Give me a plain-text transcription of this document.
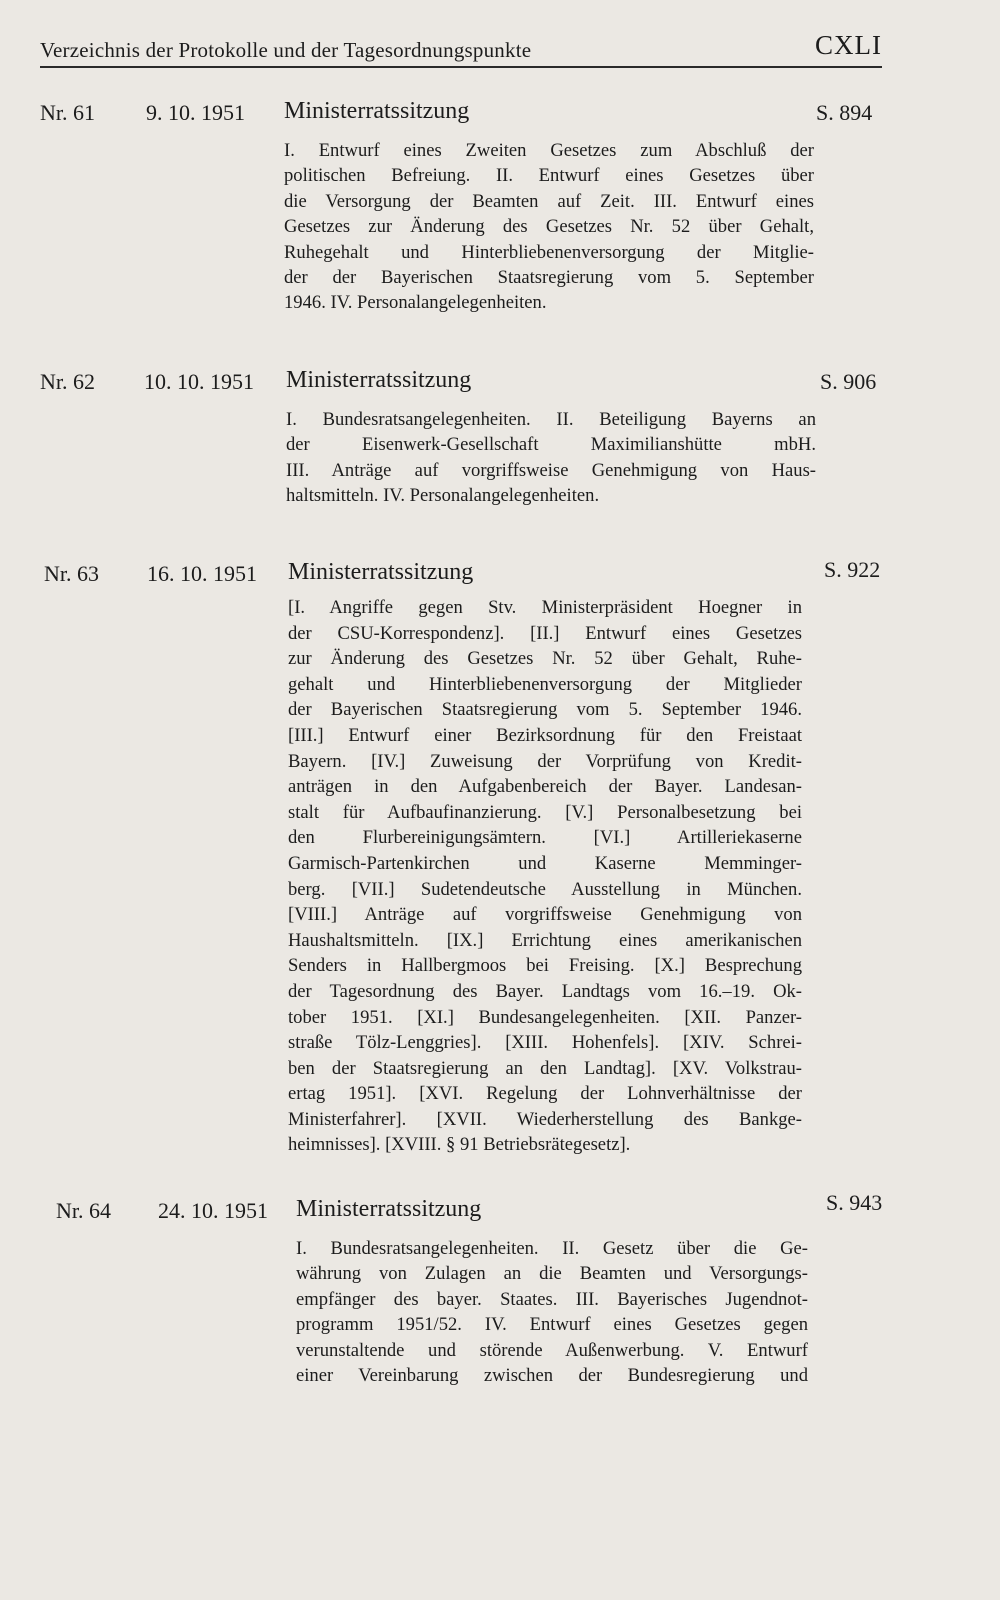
Verzeichnis der Protokolle und der Tagesordnungspunkte	CXLI
Nr. 61 9. 10. 1951 Ministerratssitzung	S. 894
I. Entwurf eines Zweiten Gesetzes zum Abschluß der
politischen Befreiung. II. Entwurf eines Gesetzes über
die Versorgung der Beamten auf Zeit. III. Entwurf eines
Gesetzes zur Änderung des Gesetzes Nr. 52 über Gehalt,
Ruhegehalt und Hinterbliebenenversorgung der Mitglie-
der der Bayerischen Staatsregierung vom 5. September
1946. IV. Personalangelegenheiten.
Nr. 62 10. 10. 1951 Ministerratssitzung	S. 906
I. Bundesratsangelegenheiten. II. Beteiligung Bayerns an
der Eisenwerk-Gesellschaft Maximilianshütte mbH.
III. Anträge auf vorgriffsweise Genehmigung von Haus-
haltsmitteln. IV. Personalangelegenheiten.
Nr. 63 16. 10. 1951 Ministerratssitzung	S. 922
[I. Angriffe gegen Stv. Ministerpräsident Hoegner in
der CSU-Korrespondenz]. [II.] Entwurf eines Gesetzes
zur Änderung des Gesetzes Nr. 52 über Gehalt, Ruhe-
gehalt und Hinterbliebenenversorgung der Mitglieder
der Bayerischen Staatsregierung vom 5. September 1946.
[III.] Entwurf einer Bezirksordnung für den Freistaat
Bayern. [IV.] Zuweisung der Vorprüfung von Kredit-
anträgen in den Aufgabenbereich der Bayer. Landesan-
stalt für Aufbaufinanzierung. [V.] Personalbesetzung bei
den Flurbereinigungsämtern. [VI.] Artilleriekaserne
Garmisch-Partenkirchen und Kaserne Memminger-
berg. [VII.] Sudetendeutsche Ausstellung in München.
[VIII.] Anträge auf vorgriffsweise Genehmigung von
Haushaltsmitteln. [IX.] Errichtung eines amerikanischen
Senders in Hallbergmoos bei Freising. [X.] Besprechung
der Tagesordnung des Bayer. Landtags vom 16.–19. Ok-
tober 1951. [XI.] Bundesangelegenheiten. [XII. Panzer-
straße Tölz-Lenggries]. [XIII. Hohenfels]. [XIV. Schrei-
ben der Staatsregierung an den Landtag]. [XV. Volkstrau-
ertag 1951]. [XVI. Regelung der Lohnverhältnisse der
Ministerfahrer]. [XVII. Wiederherstellung des Bankge-
heimnisses]. [XVIII. § 91 Betriebsrätegesetz].
Nr. 64 24. 10. 1951 Ministerratssitzung	S. 943
I. Bundesratsangelegenheiten. II. Gesetz über die Ge-
währung von Zulagen an die Beamten und Versorgungs-
empfänger des bayer. Staates. III. Bayerisches Jugendnot-
programm 1951/52. IV. Entwurf eines Gesetzes gegen
verunstaltende und störende Außenwerbung. V. Entwurf
einer Vereinbarung zwischen der Bundesregierung und
